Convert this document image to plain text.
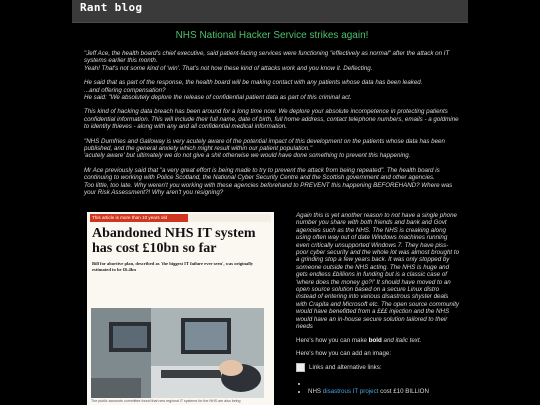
Rant blog
NHS National Hacker Service strikes again!

"Jeff Ace, the health board's chief executive, said patient-facing services were functioning "effectively as normal" after the attack on IT systems earlier this month.
Yeah! That's not some kind of 'win'. That's not how these kind of attacks work and you know it. Deflecting.

He said that as part of the response, the health board will be making contact with any patients whose data has been leaked.
...and offering compensation?
He said: "We absolutely deplore the release of confidential patient data as part of this criminal act.

This kind of hacking data breach has been around for a long time now. We deplore your absolute incompetence in protecting patients confidential information. This will include their full name, date of birth, full home address, contact telephone numbers, emails - a goldmine to identity thieves - along with any and all confidential medical information.

"NHS Dumfries and Galloway is very acutely aware of the potential impact of this development on the patients whose data has been published, and the general anxiety which might result within our patient population."
'acutely aware' but ultimately we do not give a shit otherwise we would have done something to prevent this happening.

Mr Ace previously said that "a very great effort is being made to try to prevent the attack from being repeated". The health board is continuing to working with Police Scotland, the National Cyber Security Centre and the Scottish government and other agencies.
Too little, too late. Why weren't you working with these agencies beforehand to PREVENT this happening BEFOREHAND? Where was your Risk Assessment?! Why aren't you resigning?

This article is more than 10 years old
Abandoned NHS IT system has cost £10bn so far
Bill for abortive plan, described as 'the biggest IT failure ever seen', was originally estimated to be £6.4bn
The public accounts committee found that new regional IT systems for the NHS are also being

Again this is yet another reason to not have a single phone number you share with both friends and bank and Govt agencies such as the NHS. The NHS is creaking along using often way out of date Windows machines running even critically unsupported Windows 7. They have piss-poor cyber security and the whole lot was almost brought to a grinding stop a few years back. It was only stopped by someone outside the NHS acting. The NHS is huge and gets endless £billions in funding but is a classic case of 'where does the money go?!' It should have moved to an open source solution based on a secure Linux distro instead of entering into various disastrous shyster deals with Crapita and Microsoft etc. The open source community would have benefitted from a £££ injection and the NHS would have an in-house secure solution tailored to their needs

Here's how you can make bold and italic text.

Here's how you can add an image:

Links and alternative links:
•
• NHS disastrous IT project cost £10 BILLION
